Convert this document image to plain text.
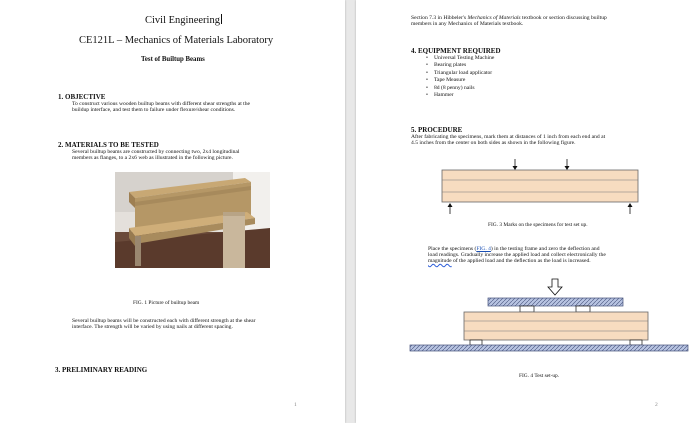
Civil Engineering
CE121L – Mechanics of Materials Laboratory
Test of Builtup Beams
1. OBJECTIVE
To construct various wooden builtup beams with different shear strengths at the
buildup interface, and test them to failure under flexure/shear conditions.
2. MATERIALS TO BE TESTED
Several builtup beams are constructed by connecting two, 2x4 longitudinal
members as flanges, to a 2x6 web as illustrated in the following picture.
FIG. 1 Picture of builtup beam
Several builtup beams will be constructed each with different strength at the shear
interface. The strength will be varied by using nails at different spacing.
3. PRELIMINARY READING
1
Section 7.3 in Hibbeler's Mechanics of Materials textbook or section discussing builtup
members in any Mechanics of Materials textbook.
4. EQUIPMENT REQUIRED
• Universal Testing Machine
• Bearing plates
• Triangular load applicator
• Tape Measure
• 8d (8 penny) nails
• Hammer
5. PROCEDURE
After fabricating the specimens, mark them at distances of 1 inch from each end and at
4.5 inches from the center on both sides as shown in the following figure.
FIG. 3 Marks on the specimens for test set up.
Place the specimens (FIG. 4) in the testing frame and zero the deflection and
load readings. Gradually increase the applied load and collect electronically the
magnitude of the applied load and the deflection as the load is increased.
FIG. 4 Test set-up.
2
